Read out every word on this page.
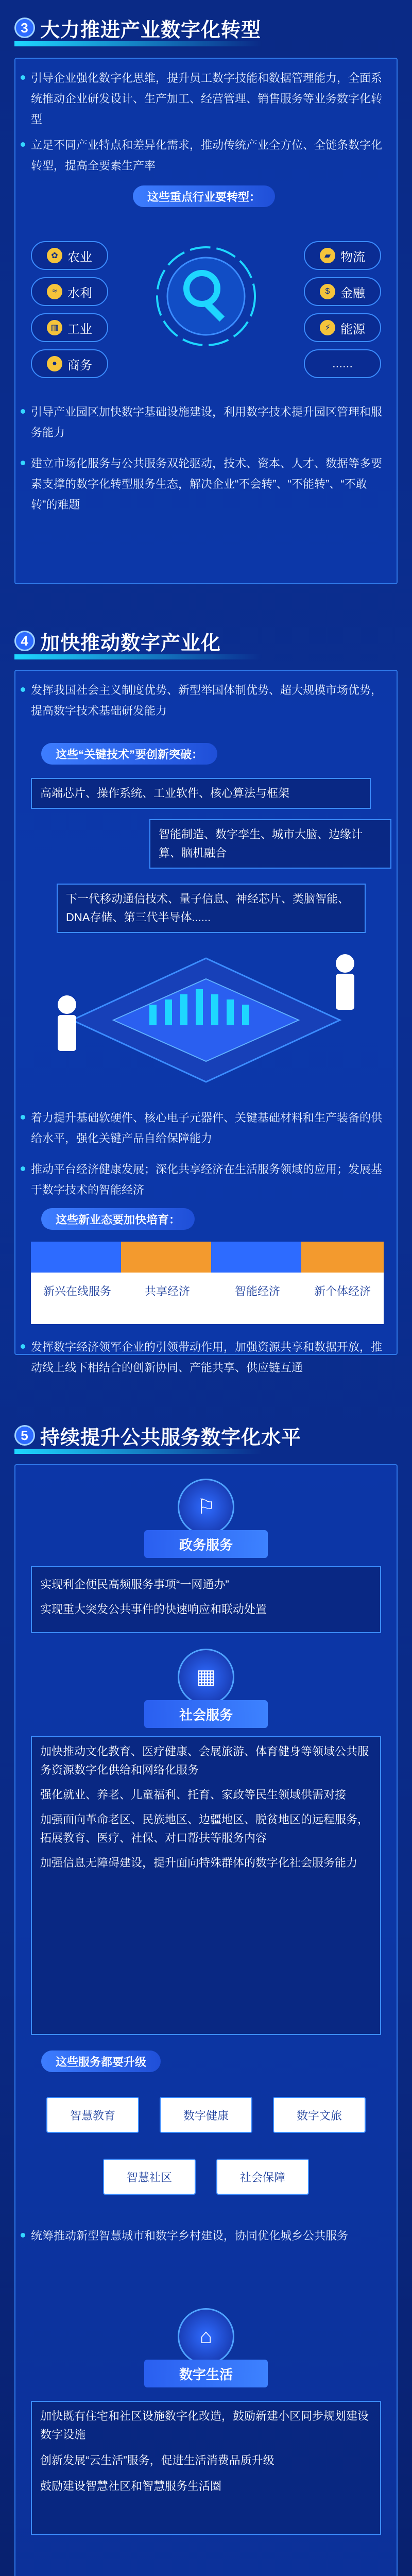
3 大力推进产业数字化转型
引导企业强化数字化思维，提升员工数字技能和数据管理能力，全面系统推动企业研发设计、生产加工、经营管理、销售服务等业务数字化转型
立足不同产业特点和差异化需求，推动传统产业全方位、全链条数字化转型，提高全要素生产率
这些重点行业要转型：
✿ 农业
≈ 水利
▥ 工业
● 商务
▰ 物流
$ 金融
⚡ 能源
......
引导产业园区加快数字基础设施建设，利用数字技术提升园区管理和服务能力
建立市场化服务与公共服务双轮驱动，技术、资本、人才、数据等多要素支撑的数字化转型服务生态，解决企业“不会转”、“不能转”、“不敢转”的难题
4 加快推动数字产业化
发挥我国社会主义制度优势、新型举国体制优势、超大规模市场优势，提高数字技术基础研发能力
这些“关键技术”要创新突破：
高端芯片、操作系统、工业软件、核心算法与框架
智能制造、数字孪生、城市大脑、边缘计算、脑机融合
下一代移动通信技术、量子信息、神经芯片、类脑智能、DNA存储、第三代半导体......
着力提升基础软硬件、核心电子元器件、关键基础材料和生产装备的供给水平，强化关键产品自给保障能力
推动平台经济健康发展；深化共享经济在生活服务领域的应用；发展基于数字技术的智能经济
这些新业态要加快培育：
新兴在线服务	共享经济	智能经济	新个体经济
发挥数字经济领军企业的引领带动作用，加强资源共享和数据开放，推动线上线下相结合的创新协同、产能共享、供应链互通
5 持续提升公共服务数字化水平
⚐
政务服务
实现利企便民高频服务事项“一网通办”
实现重大突发公共事件的快速响应和联动处置
▦
社会服务
加快推动文化教育、医疗健康、会展旅游、体育健身等领域公共服务资源数字化供给和网络化服务
强化就业、养老、儿童福利、托育、家政等民生领域供需对接
加强面向革命老区、民族地区、边疆地区、脱贫地区的远程服务，拓展教育、医疗、社保、对口帮扶等服务内容
加强信息无障碍建设，提升面向特殊群体的数字化社会服务能力
这些服务都要升级
智慧教育	数字健康	数字文旅
智慧社区	社会保障
统筹推动新型智慧城市和数字乡村建设，协同优化城乡公共服务
⌂
数字生活
加快既有住宅和社区设施数字化改造，鼓励新建小区同步规划建设数字设施
创新发展“云生活”服务，促进生活消费品质升级
鼓励建设智慧社区和智慧服务生活圈
